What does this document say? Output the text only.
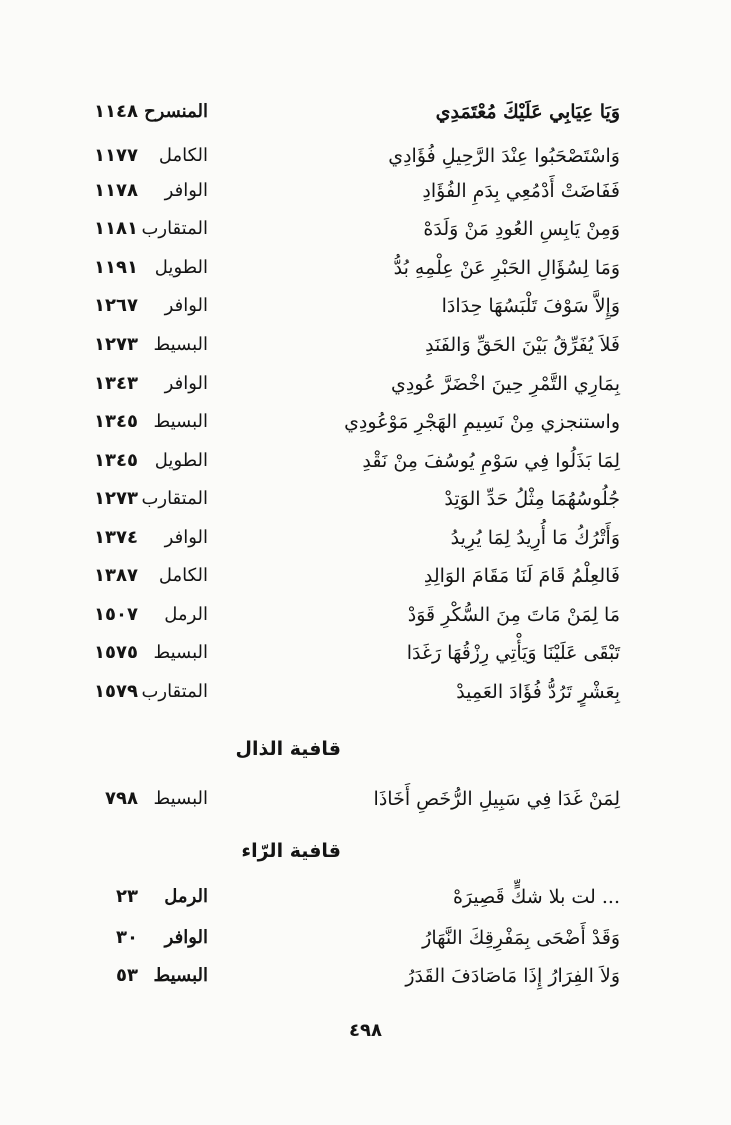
وَيَا عِيَابِي عَلَيْكَ مُعْتَمَدِي
المنسرح
١١٤٨
وَاسْتَصْحَبُوا عِنْدَ الرَّحِيلِ فُؤَادِي
الكامل
١١٧٧
فَفَاضَتْ أَدْمُعِي بِدَمِ الفُؤَادِ
الوافر
١١٧٨
وَمِنْ يَابِسِ العُودِ مَنْ وَلَدَهْ
المتقارب
١١٨١
وَمَا لِسُؤَالِ الحَبْرِ عَنْ عِلْمِهِ بُدُّ
الطويل
١١٩١
وَإِلاَّ سَوْفَ تَلْبَسُهَا حِدَادَا
الوافر
١٢٦٧
فَلاَ يُفَرِّقُ بَيْنَ الحَقِّ وَالفَنَدِ
البسيط
١٢٧٣
بِمَارِي التَّمْرِ حِينَ اخْضَرَّ عُودِي
الوافر
١٣٤٣
واستنجزي مِنْ نَسِيمِ الهَجْرِ مَوْعُودِي
البسيط
١٣٤٥
لِمَا بَذَلُوا فِي سَوْمِ يُوسُفَ مِنْ نَقْدِ
الطويل
١٣٤٥
جُلُوسُهُمَا مِثْلُ حَدِّ الوَتِدْ
المتقارب
١٢٧٣
وَأَتْرُكُ مَا أُرِيدُ لِمَا يُرِيدُ
الوافر
١٣٧٤
فَالعِلْمُ قَامَ لَنَا مَقَامَ الوَالِدِ
الكامل
١٣٨٧
مَا لِمَنْ مَاتَ مِنَ السُّكْرِ قَوَدْ
الرمل
١٥٠٧
تَبْقَى عَلَيْنَا وَيَأْتِي رِزْقُهَا رَغَدَا
البسيط
١٥٧٥
بِعَشْرٍ تَرُدُّ فُؤَادَ العَمِيدْ
المتقارب
١٥٧٩
قافية الذال
لِمَنْ غَدَا فِي سَبِيلِ الرُّخَصِ أَخَاذَا
البسيط
٧٩٨
قافية الرّاء
... لت بلا شكٍّ قَصِيرَهْ
الرمل
٢٣
وَقَدْ أَضْحَى بِمَفْرِقِكَ النَّهَارُ
الوافر
٣٠
وَلاَ الفِرَارُ إِذَا مَاصَادَفَ القَدَرُ
البسيط
٥٣
٤٩٨
